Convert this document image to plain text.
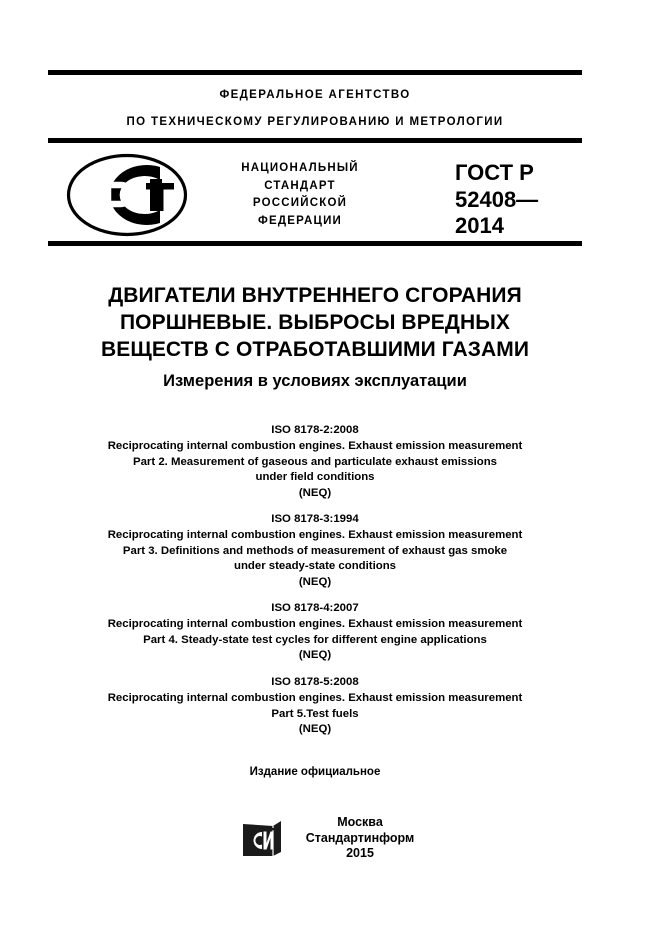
ФЕДЕРАЛЬНОЕ АГЕНТСТВО
ПО ТЕХНИЧЕСКОМУ РЕГУЛИРОВАНИЮ И МЕТРОЛОГИИ
НАЦИОНАЛЬНЫЙ
СТАНДАРТ
РОССИЙСКОЙ
ФЕДЕРАЦИИ
ГОСТ Р
52408—
2014
ДВИГАТЕЛИ ВНУТРЕННЕГО СГОРАНИЯ
ПОРШНЕВЫЕ. ВЫБРОСЫ ВРЕДНЫХ
ВЕЩЕСТВ С ОТРАБОТАВШИМИ ГАЗАМИ
Измерения в условиях эксплуатации
ISO 8178-2:2008
Reciprocating internal combustion engines. Exhaust emission measurement
Part 2. Measurement of gaseous and particulate exhaust emissions
under field conditions
(NEQ)
ISO 8178-3:1994
Reciprocating internal combustion engines. Exhaust emission measurement
Part 3. Definitions and methods of measurement of exhaust gas smoke
under steady-state conditions
(NEQ)
ISO 8178-4:2007
Reciprocating internal combustion engines. Exhaust emission measurement
Part 4. Steady-state test cycles for different engine applications
(NEQ)
ISO 8178-5:2008
Reciprocating internal combustion engines. Exhaust emission measurement
Part 5.Test fuels
(NEQ)
Издание официальное
Москва
Стандартинформ
2015
